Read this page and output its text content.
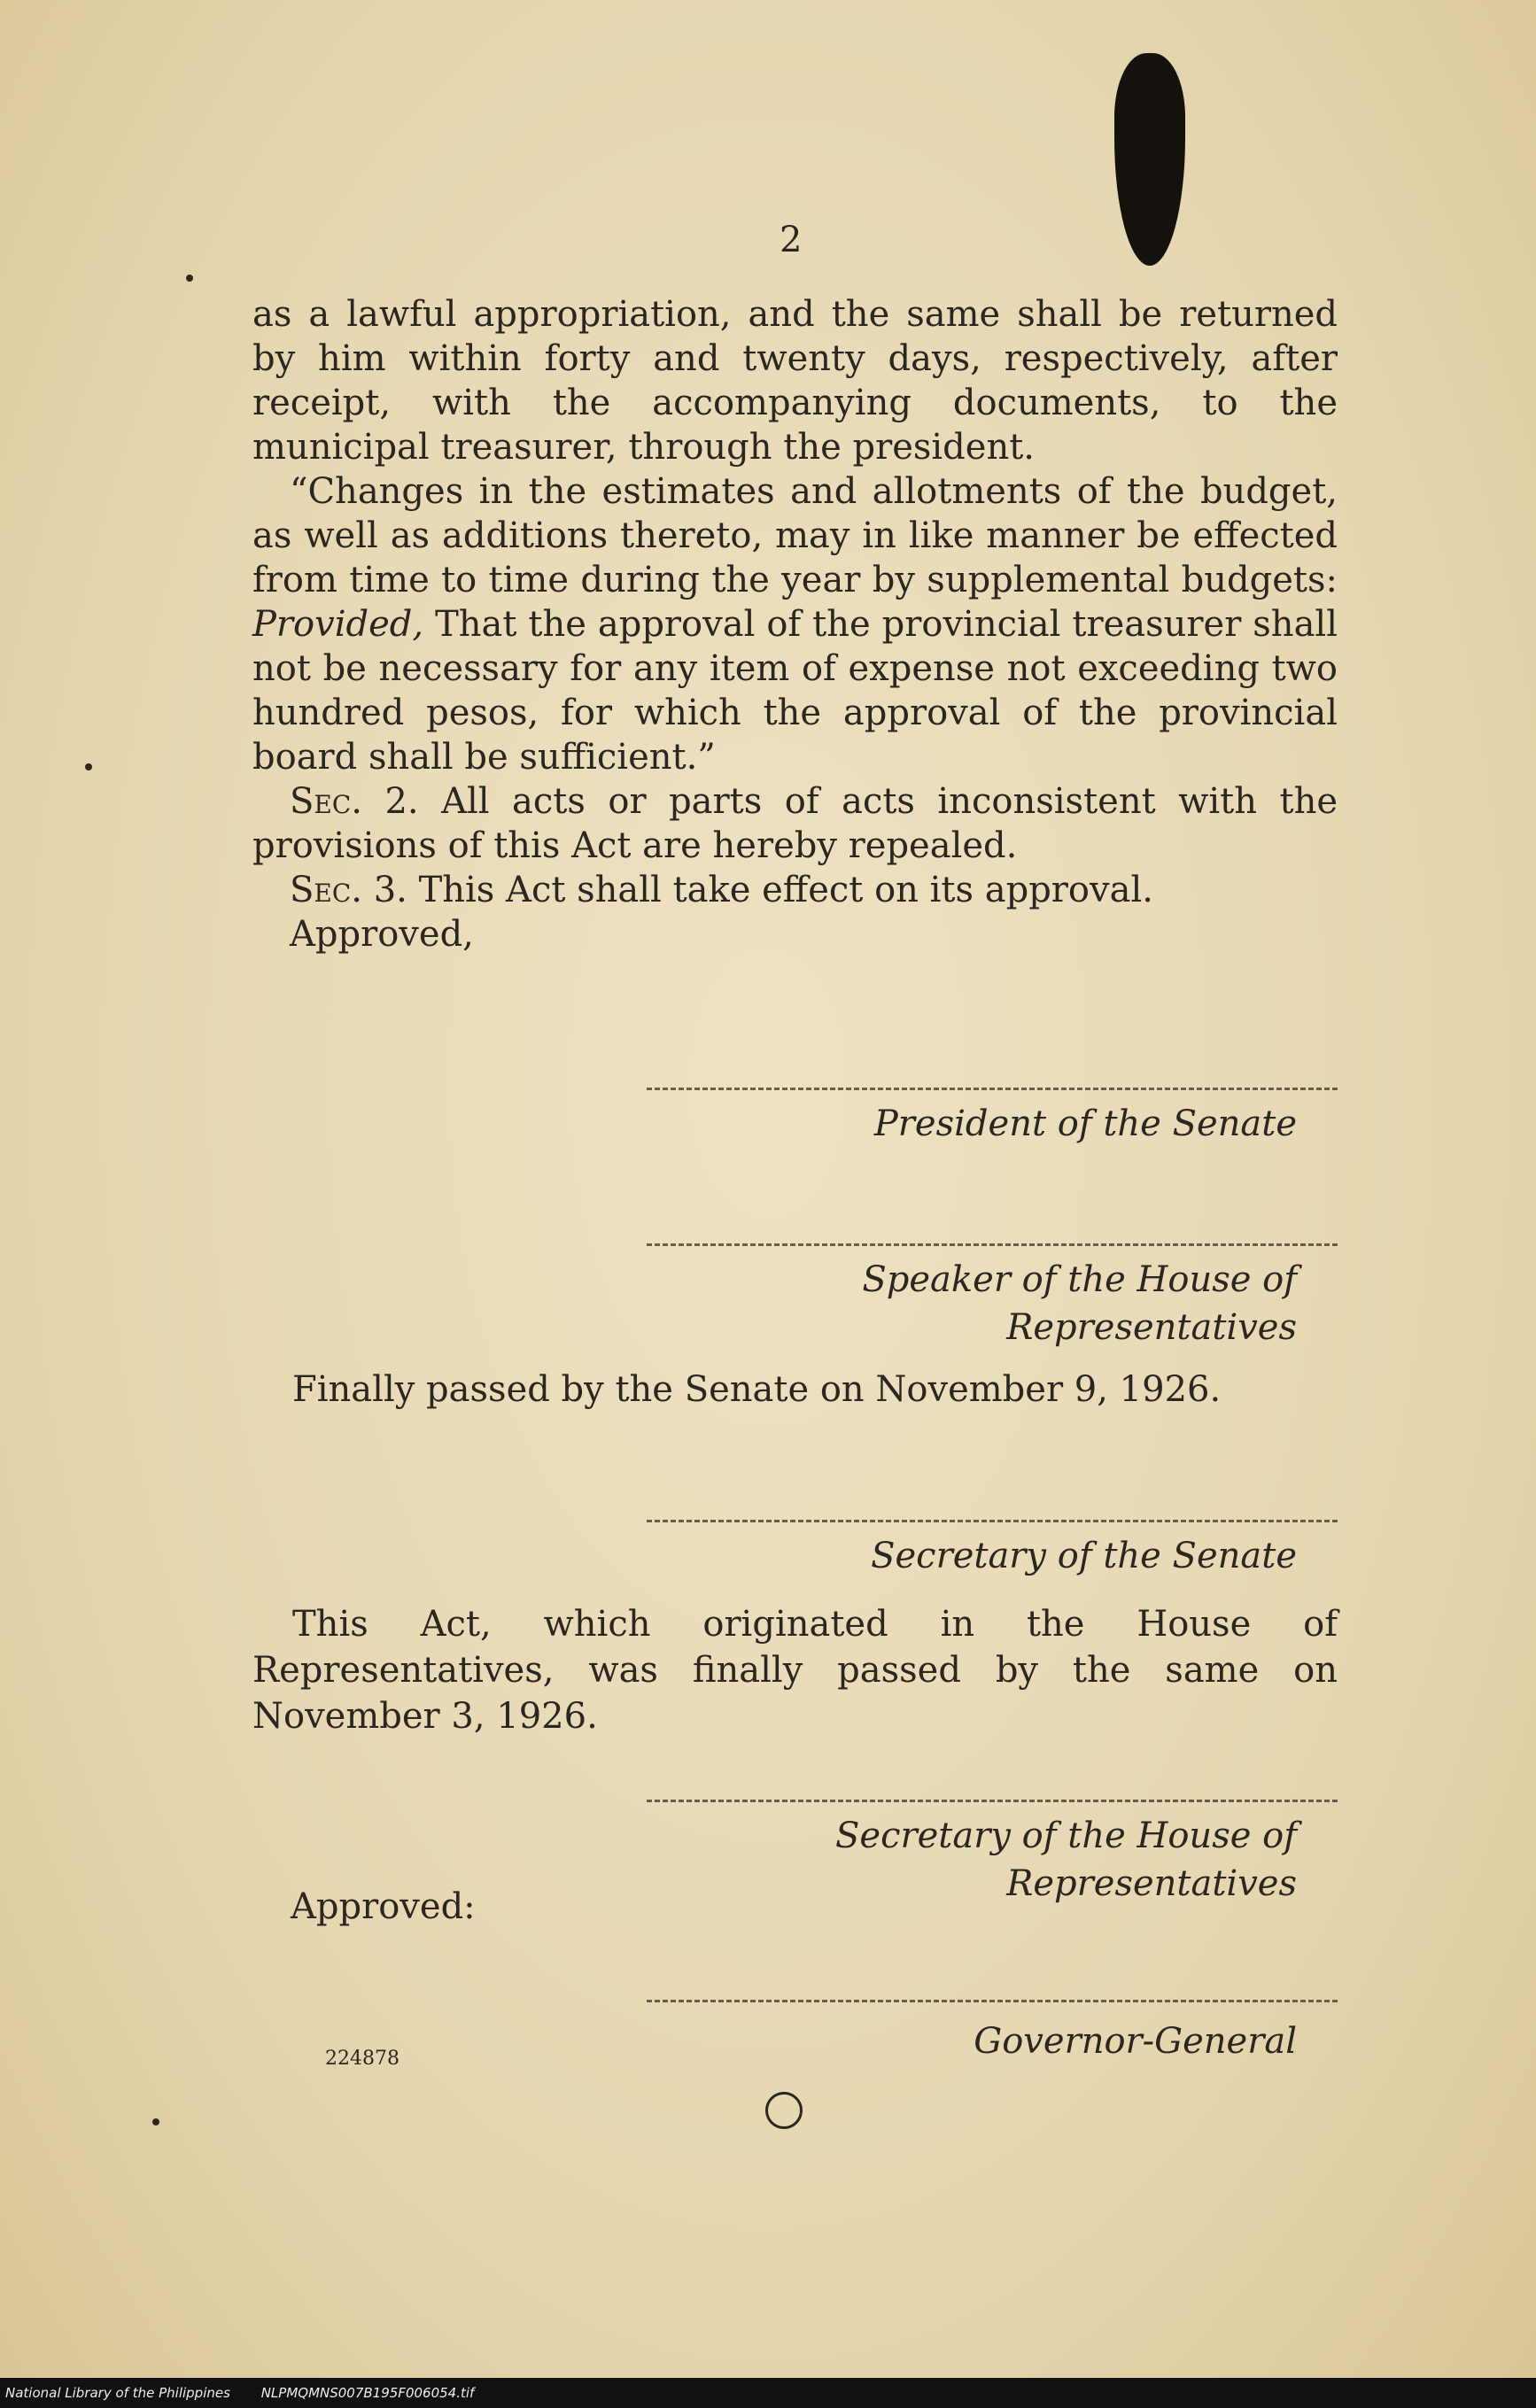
2

as a lawful appropriation, and the same shall be returned by him within forty and twenty days, respectively, after receipt, with the accompanying documents, to the municipal treasurer, through the president.

“Changes in the estimates and allotments of the budget, as well as additions thereto, may in like manner be effected from time to time during the year by supplemental budgets: Provided, That the approval of the provincial treasurer shall not be necessary for any item of expense not exceeding two hundred pesos, for which the approval of the provincial board shall be sufficient.”

Sec. 2. All acts or parts of acts inconsistent with the provisions of this Act are hereby repealed.

Sec. 3. This Act shall take effect on its approval.

Approved,

President of the Senate
Speaker of the House of
Representatives
Finally passed by the Senate on November 9, 1926.
Secretary of the Senate
This Act, which originated in the House of Representatives, was finally passed by the same on November 3, 1926.
Secretary of the House of
Representatives
Approved:
Governor-General
224878
National Library of the Philippines NLPMQMNS007B195F006054.tif
